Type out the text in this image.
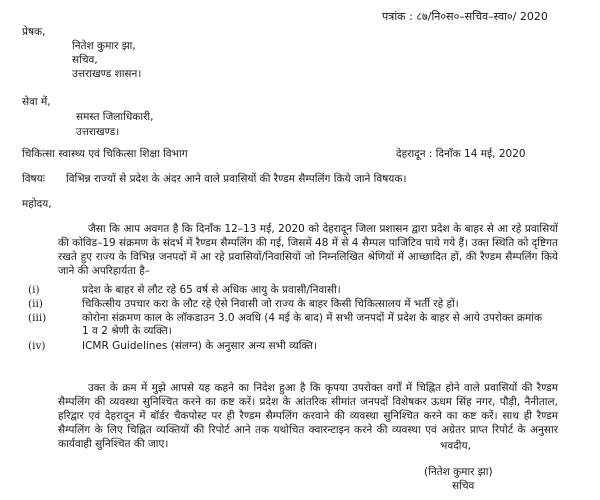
पत्रांक : ८७/नि०स०–सचिव–स्वा०/ 2020
प्रेषक,
नितेश कुमार झा,
सचिव,
उत्तराखण्ड शासन।
सेवा में,
समस्त जिलाधिकारी,
उत्तराखण्ड।
चिकित्सा स्वास्थ्य एवं चिकित्सा शिक्षा विभाग	देहरादून : दिनाँक 14 मई, 2020
विषयः विभिन्न राज्यों से प्रदेश के अंदर आने वाले प्रवासियों की रैण्डम सैम्पलिंग किये जाने विषयक।
महोदय,
जैसा कि आप अवगत है कि दिनाँक 12–13 मई, 2020 को देहरादून जिला प्रशासन द्वारा प्रदेश के बाहर से आ रहे प्रवासियों की कोविड–19 संक्रमण के संदर्भ में रैण्डम सैम्पलिंग की गई, जिसमें 48 में से 4 सैम्पल पाजिटिव पाये गये हैं। उक्त स्थिति को दृष्टिगत रखते हुए राज्य के विभिन्न जनपदों में आ रहे प्रवासियों/निवासियों जो निम्नलिखित श्रेणियों में आच्छादित हों, की रैण्डम सैम्पलिंग किये जाने की अपरिहार्यता है–
(i)	प्रदेश के बाहर से लौट रहे 65 वर्ष से अधिक आयु के प्रवासी/निवासी।
(ii)	चिकित्सीय उपचार करा के लौट रहे ऐसे निवासी जो राज्य के बाहर किसी चिकित्सालय में भर्ती रहे हों।
(iii)	कोरोना संक्रमण काल के लॉकडाउन 3.0 अवधि (4 मई के बाद) में सभी जनपदों में प्रदेश के बाहर से आये उपरोक्त क्रमांक 1 व 2 श्रेणी के व्यक्ति।
(iv)	ICMR Guidelines (संलग्न) के अनुसार अन्य सभी व्यक्ति।
उक्त के क्रम में मुझे आपसे यह कहने का निदेश हुआ है कि कृपया उपरोक्त वर्गों में चिह्नित होने वाले प्रवासियों की रैण्डम सैम्पलिंग की व्यवस्था सुनिश्चित करने का कष्ट करें। प्रदेश के आंतरिक सीमांत जनपदों विशेषकर ऊधम सिंह नगर, पौड़ी, नैनीताल, हरिद्वार एवं देहरादून में बॉर्डर चैकपोस्ट पर ही रैण्डम सैम्पलिंग करवाने की व्यवस्था सुनिश्चित करने का कष्ट करें। साथ ही रैण्डम सैम्पलिंग के लिए चिह्नित व्यक्तियों की रिपोर्ट आने तक यथोचित क्वारन्टाइन करने की व्यवस्था एवं अग्रेतर प्राप्त रिपोर्ट के अनुसार कार्यवाही सुनिश्चित की जाए।	भवदीय,
(नितेश कुमार झा)
सचिव
